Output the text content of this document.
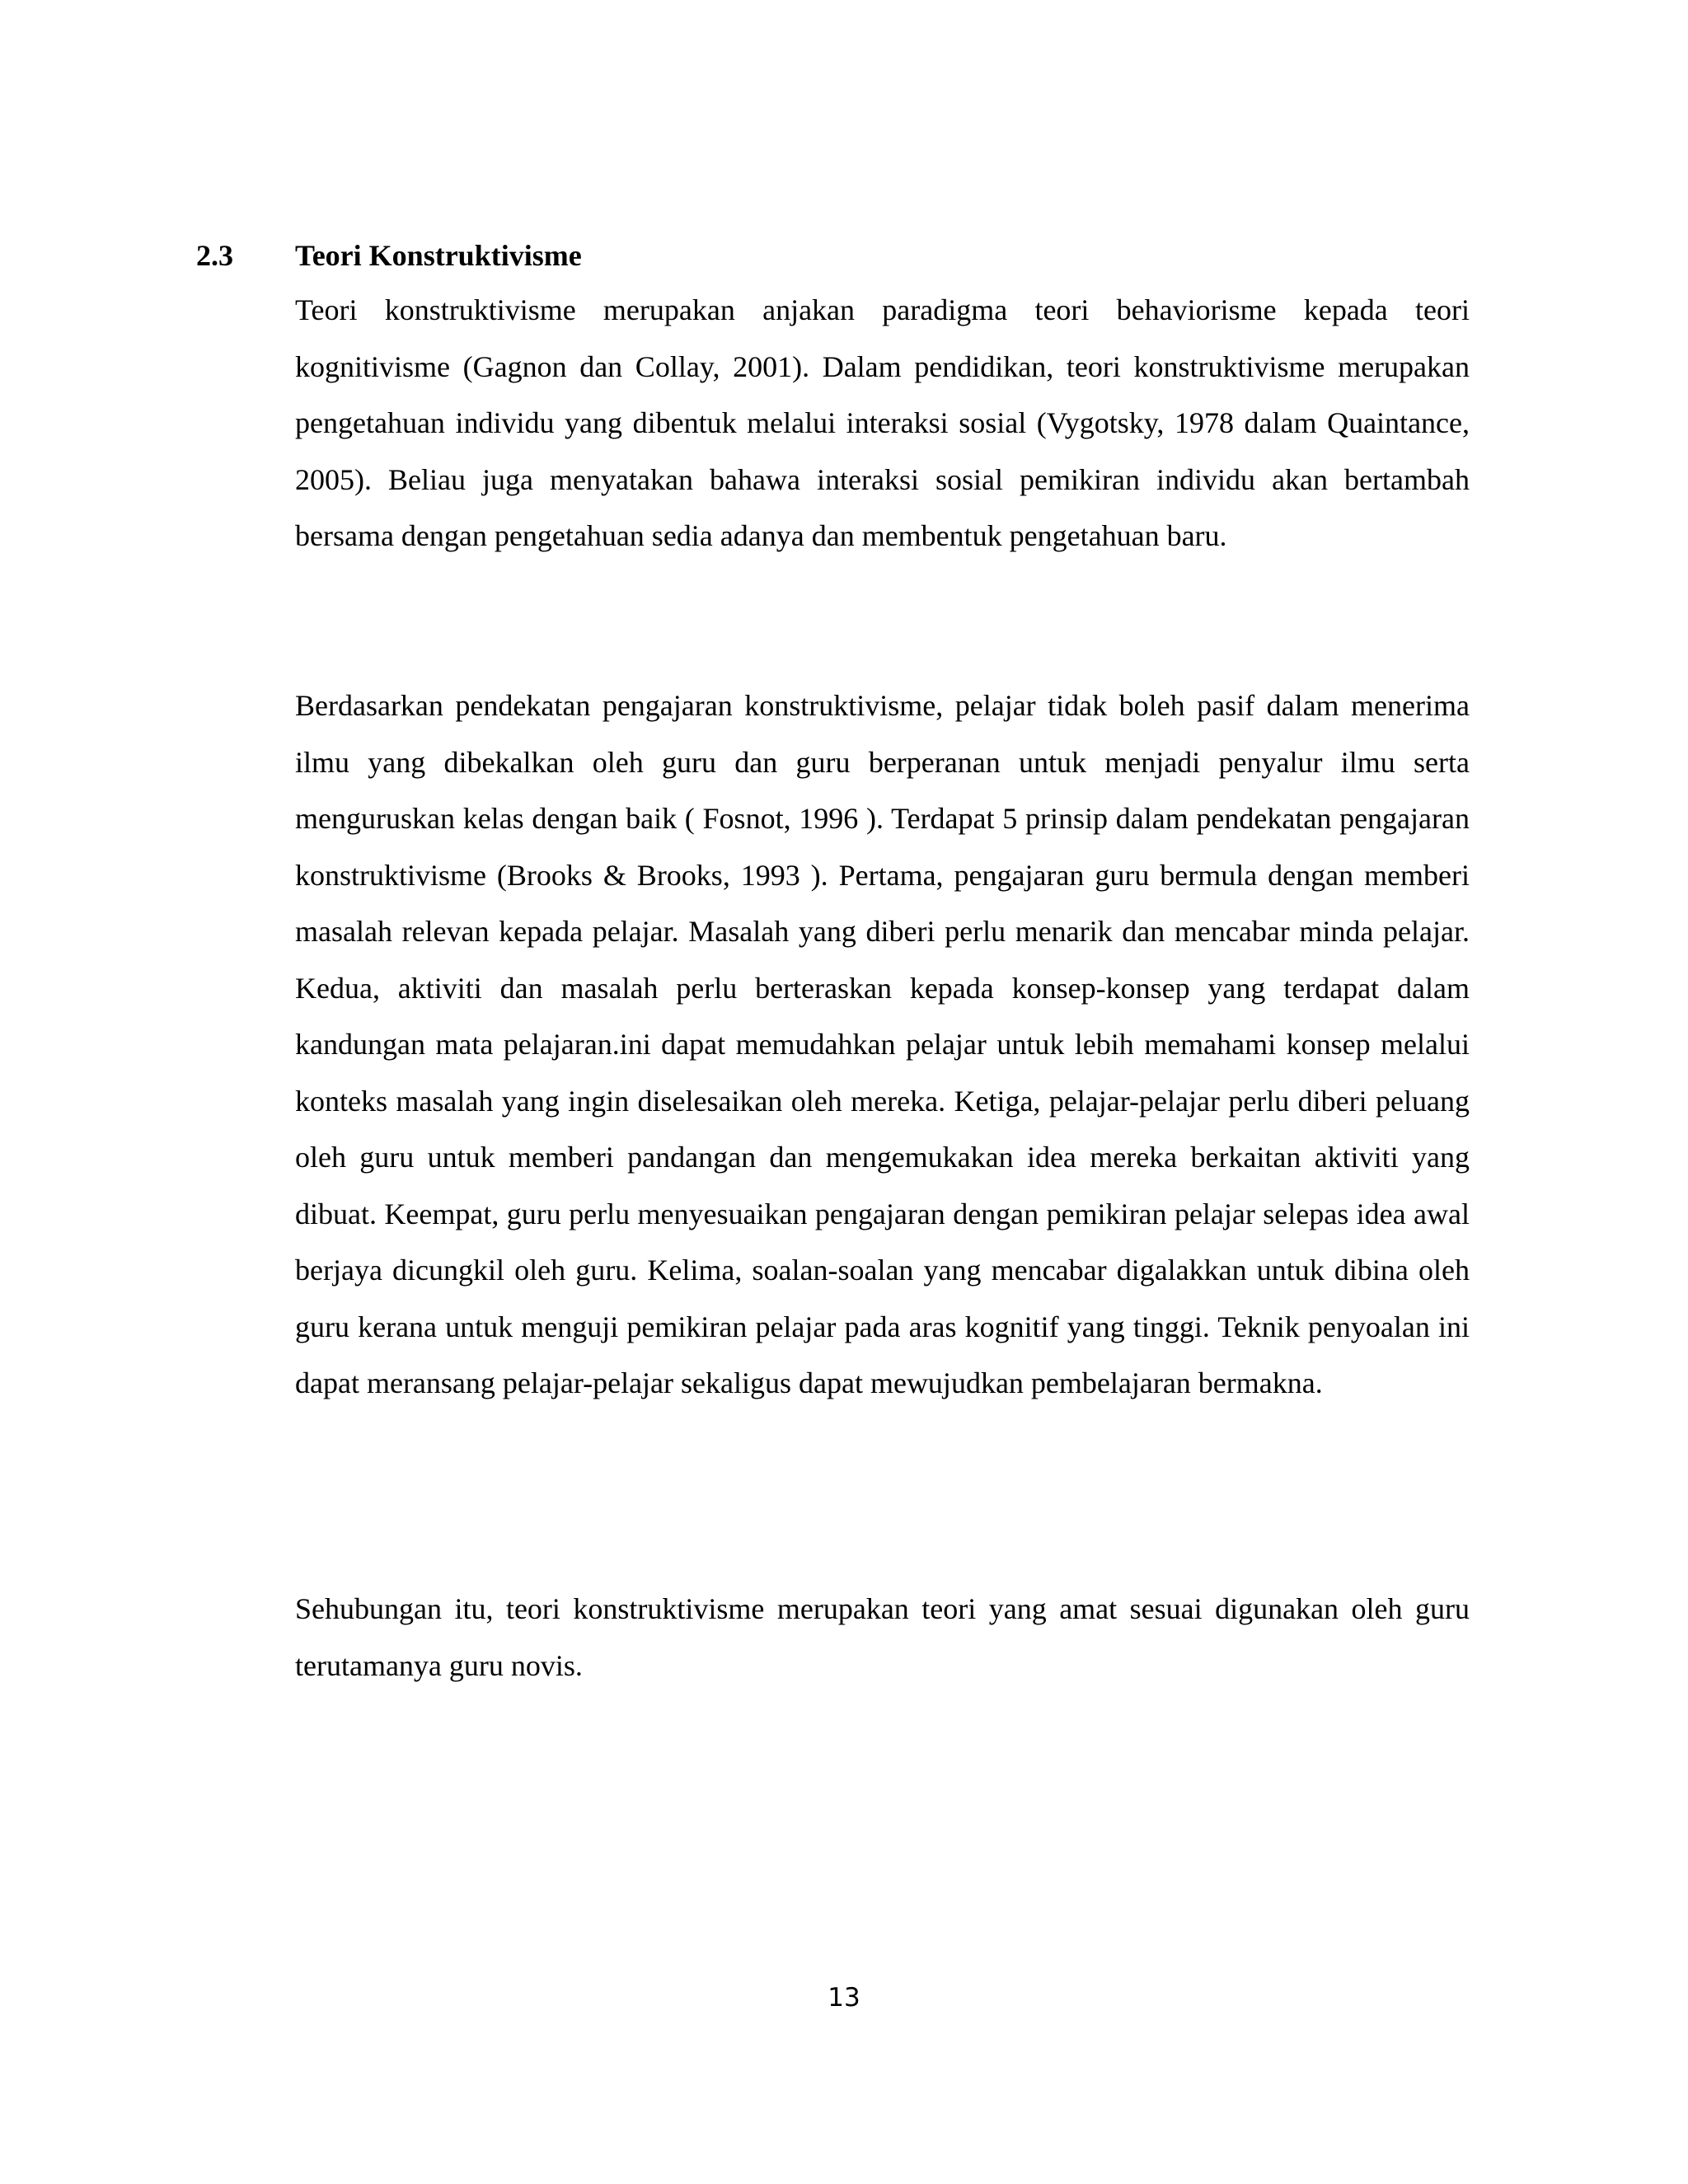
2.3 Teori Konstruktivisme

Teori konstruktivisme merupakan anjakan paradigma teori behaviorisme kepada teori kognitivisme (Gagnon dan Collay, 2001). Dalam pendidikan, teori konstruktivisme merupakan pengetahuan individu yang dibentuk melalui interaksi sosial (Vygotsky, 1978 dalam Quaintance, 2005). Beliau juga menyatakan bahawa interaksi sosial pemikiran individu akan bertambah bersama dengan pengetahuan sedia adanya dan membentuk pengetahuan baru.

Berdasarkan pendekatan pengajaran konstruktivisme, pelajar tidak boleh pasif dalam menerima ilmu yang dibekalkan oleh guru dan guru berperanan untuk menjadi penyalur ilmu serta menguruskan kelas dengan baik ( Fosnot, 1996 ). Terdapat 5 prinsip dalam pendekatan pengajaran konstruktivisme (Brooks & Brooks, 1993 ). Pertama, pengajaran guru bermula dengan memberi masalah relevan kepada pelajar. Masalah yang diberi perlu menarik dan mencabar minda pelajar. Kedua, aktiviti dan masalah perlu berteraskan kepada konsep-konsep yang terdapat dalam kandungan mata pelajaran.ini dapat memudahkan pelajar untuk lebih memahami konsep melalui konteks masalah yang ingin diselesaikan oleh mereka. Ketiga, pelajar-pelajar perlu diberi peluang oleh guru untuk memberi pandangan dan mengemukakan idea mereka berkaitan aktiviti yang dibuat. Keempat, guru perlu menyesuaikan pengajaran dengan pemikiran pelajar selepas idea awal berjaya dicungkil oleh guru. Kelima, soalan-soalan yang mencabar digalakkan untuk dibina oleh guru kerana untuk menguji pemikiran pelajar pada aras kognitif yang tinggi. Teknik penyoalan ini dapat meransang pelajar-pelajar sekaligus dapat mewujudkan pembelajaran bermakna.

Sehubungan itu, teori konstruktivisme merupakan teori yang amat sesuai digunakan oleh guru terutamanya guru novis.

13
